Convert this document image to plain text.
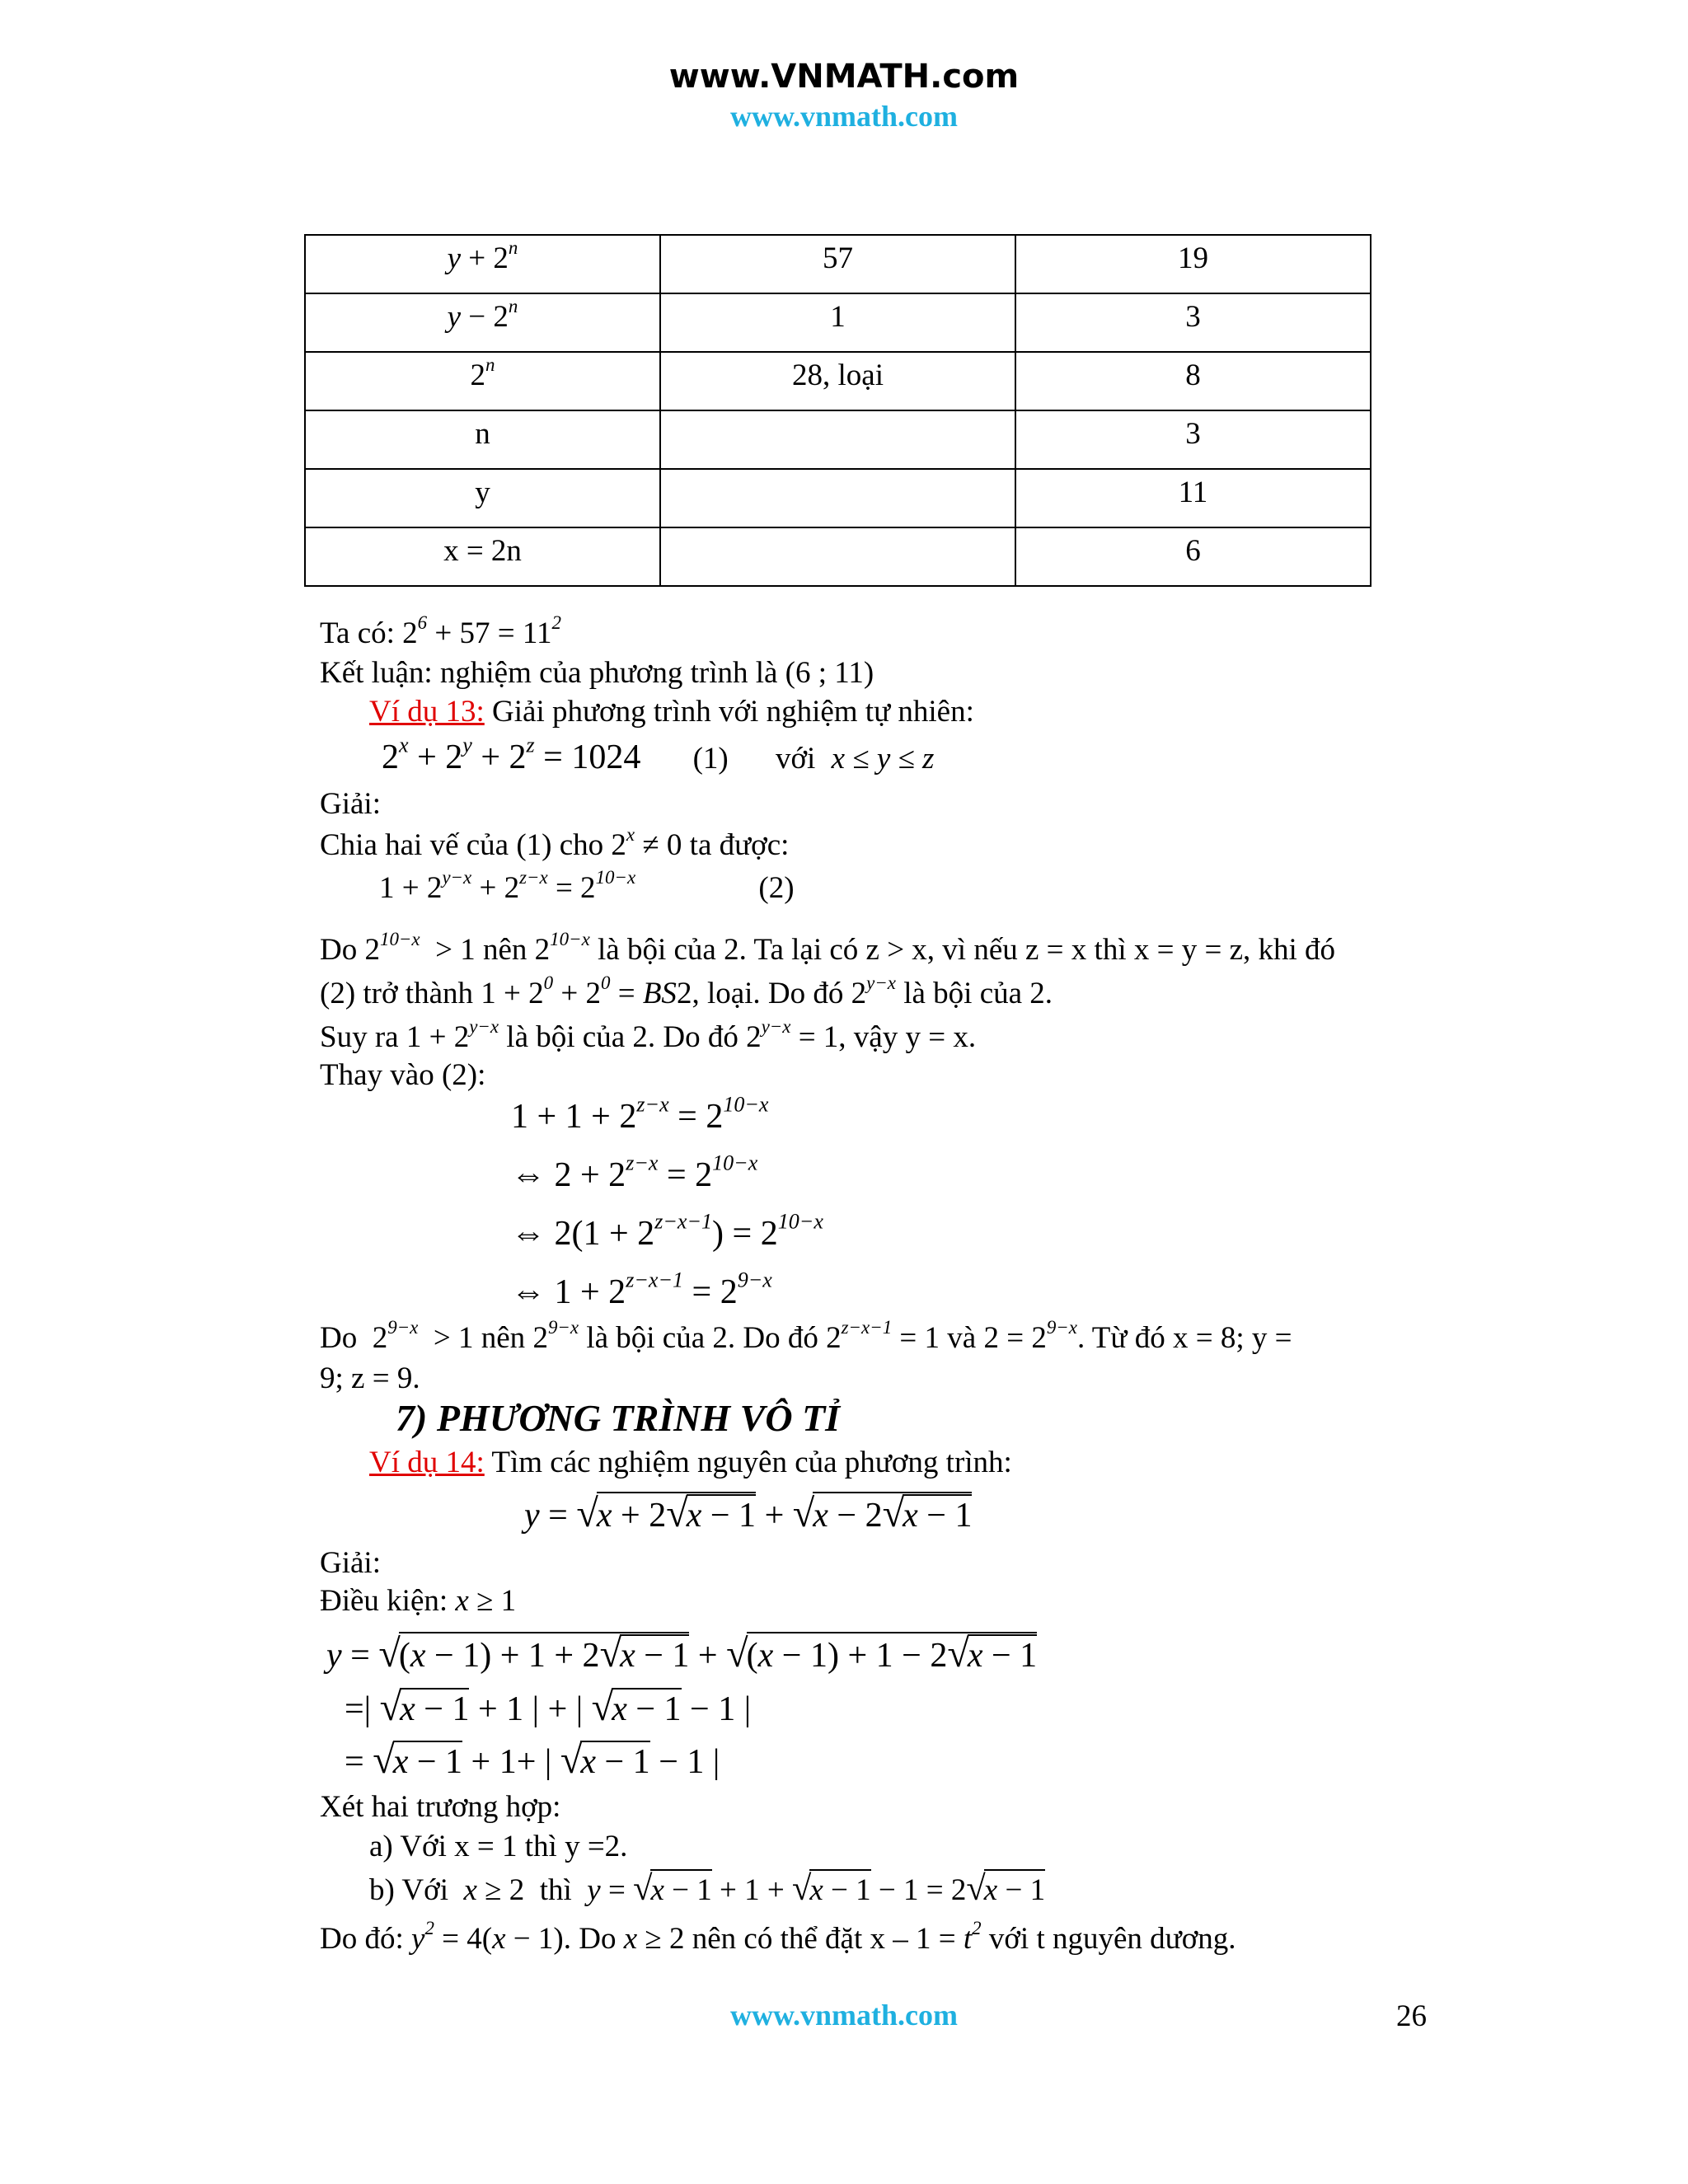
www.VNMATH.com
www.vnmath.com
$y + 2^n$	57	19
$y - 2^n$	1	3
2$^n$	28, loại	8
n		3
y		11
x = 2n		6
Ta có: $2^6 + 57 = 11^2$
Kết luận: nghiệm của phương trình là (6 ; 11)
Ví dụ 13: Giải phương trình với nghiệm tự nhiên:
$2^x + 2^y + 2^z = 1024$ (1) với x ≤ y ≤ z
Giải:
Chia hai vế của (1) cho $2^x \ne 0$ ta được:
$1 + 2^{y-x} + 2^{z-x} = 2^{10-x}$	(2)
Do $2^{10-x} > 1$ nên $2^{10-x}$ là bội của 2. Ta lại có z > x, vì nếu z = x thì x = y = z, khi đó
(2) trở thành $1 + 2^0 + 2^0 = BS2$, loại. Do đó $2^{y-x}$ là bội của 2.
Suy ra $1 + 2^{y-x}$ là bội của 2. Do đó $2^{y-x} = 1$, vậy y = x.
Thay vào (2):
$1 + 1 + 2^{z-x} = 2^{10-x}$
⇔ $2 + 2^{z-x} = 2^{10-x}$
⇔ $2(1 + 2^{z-x-1}) = 2^{10-x}$
⇔ $1 + 2^{z-x-1} = 2^{9-x}$
Do  $2^{9-x} > 1$ nên $2^{9-x}$ là bội của 2. Do đó $2^{z-x-1} = 1$ và $2 = 2^{9-x}$. Từ đó x = 8; y =
9; z = 9.
7) PHƯƠNG TRÌNH VÔ TỈ
Ví dụ 14: Tìm các nghiệm nguyên của phương trình:
y = √x + 2√x − 1 + √x − 2√x − 1
Giải:
Điều kiện: x ≥ 1
y = √(x − 1) + 1 + 2√x − 1 + √(x − 1) + 1 − 2√x − 1
=| √x − 1 + 1 | + | √x − 1 − 1 |
= √x − 1 + 1+ | √x − 1 − 1 |
Xét hai trương hợp:
a) Với x = 1 thì y =2.
b) Với x ≥ 2  thì y = √x − 1 + 1 + √x − 1 − 1 = 2√x − 1
Do đó: $y^2 = 4(x - 1)$. Do x ≥ 2 nên có thể đặt $x - 1 = t^2$ với t nguyên dương.
www.vnmath.com	26
